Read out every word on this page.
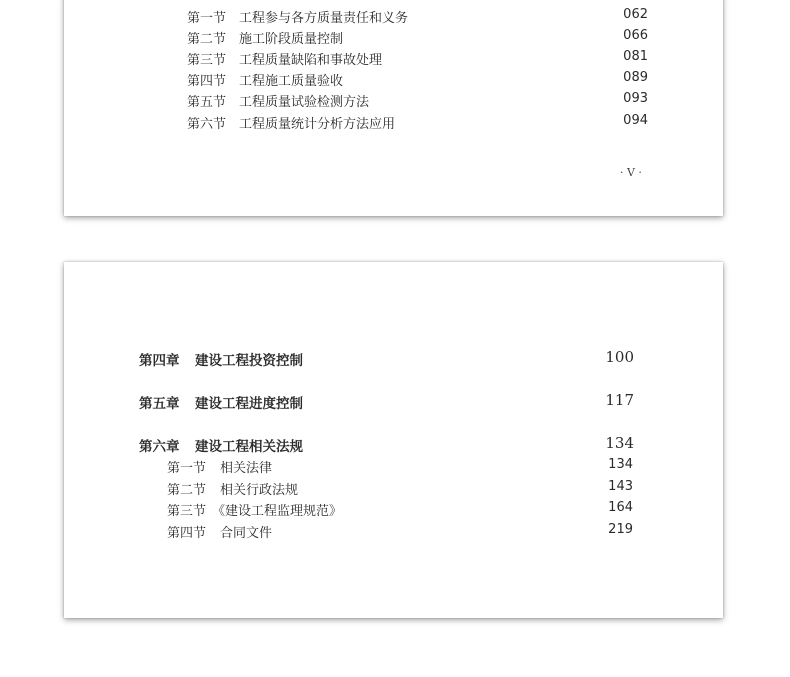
第一节 工程参与各方质量责任和义务	062
第二节 施工阶段质量控制	066
第三节 工程质量缺陷和事故处理	081
第四节 工程施工质量验收	089
第五节 工程质量试验检测方法	093
第六节 工程质量统计分析方法应用	094
· V ·
第四章 建设工程投资控制	100
第五章 建设工程进度控制	117
第六章 建设工程相关法规	134
第一节 相关法律	134
第二节 相关行政法规	143
第三节 《建设工程监理规范》	164
第四节 合同文件	219
